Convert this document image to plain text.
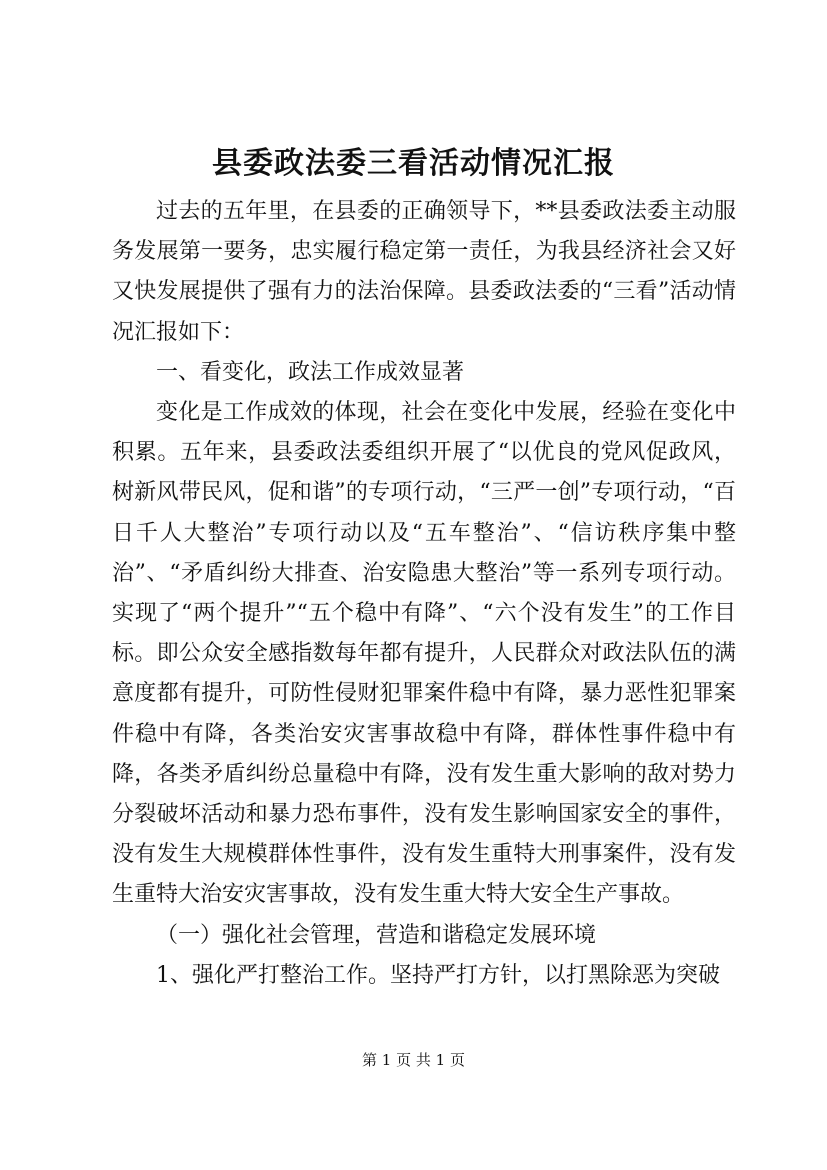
县委政法委三看活动情况汇报

过去的五年里，在县委的正确领导下，**县委政法委主动服务发展第一要务，忠实履行稳定第一责任，为我县经济社会又好又快发展提供了强有力的法治保障。县委政法委的“三看”活动情况汇报如下：

一、看变化，政法工作成效显著

变化是工作成效的体现，社会在变化中发展，经验在变化中积累。五年来，县委政法委组织开展了“以优良的党风促政风，树新风带民风，促和谐”的专项行动，“三严一创”专项行动，“百日千人大整治”专项行动以及“五车整治”、“信访秩序集中整治”、“矛盾纠纷大排查、治安隐患大整治”等一系列专项行动。实现了“两个提升”“五个稳中有降”、“六个没有发生”的工作目标。即公众安全感指数每年都有提升，人民群众对政法队伍的满意度都有提升，可防性侵财犯罪案件稳中有降，暴力恶性犯罪案件稳中有降，各类治安灾害事故稳中有降，群体性事件稳中有降，各类矛盾纠纷总量稳中有降，没有发生重大影响的敌对势力分裂破坏活动和暴力恐布事件，没有发生影响国家安全的事件，没有发生大规模群体性事件，没有发生重特大刑事案件，没有发生重特大治安灾害事故，没有发生重大特大安全生产事故。

（一）强化社会管理，营造和谐稳定发展环境

1、强化严打整治工作。坚持严打方针，以打黑除恶为突破

第 1 页 共 1 页
